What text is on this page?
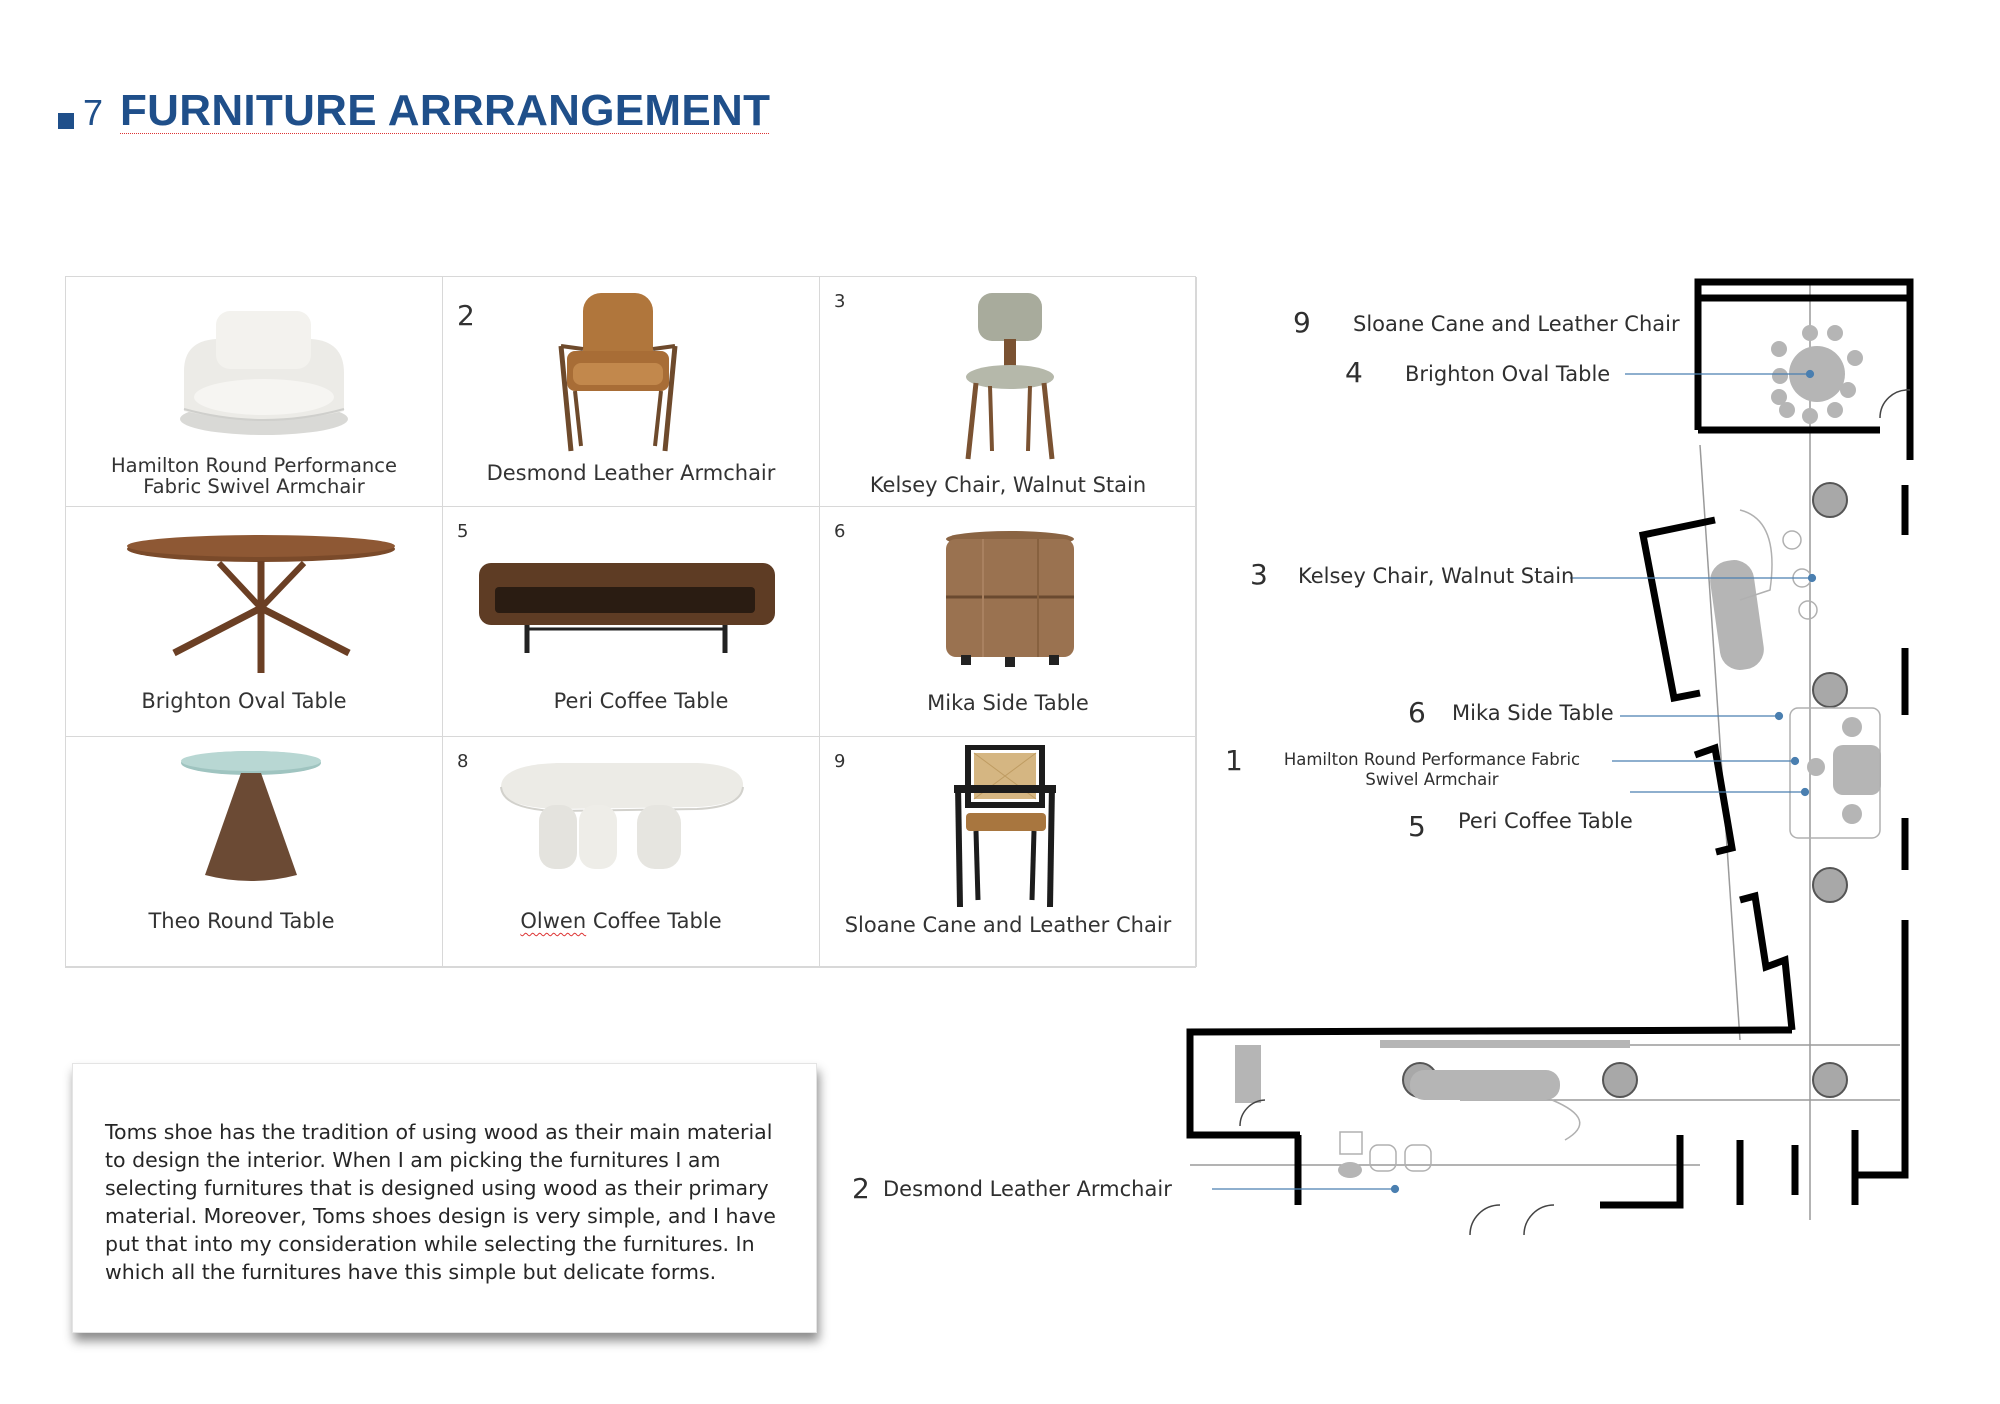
7 FURNITURE ARRRANGEMENT
Hamilton Round Performance Fabric Swivel Armchair
2
Desmond Leather Armchair
3
Kelsey Chair, Walnut Stain
Brighton Oval Table
5
Peri Coffee Table
6
Mika Side Table
Theo Round Table
8
Olwen Coffee Table
9
Sloane Cane and Leather Chair
Toms shoe has the tradition of using wood as their main material to design the interior. When I am picking the furnitures I am selecting furnitures that is designed using wood as their primary material. Moreover, Toms shoes design is very simple, and I have put that into my consideration while selecting the furnitures. In which all the furnitures have this simple but delicate forms.
9 Sloane Cane and Leather Chair
4 Brighton Oval Table
3 Kelsey Chair, Walnut Stain
6 Mika Side Table
1	Hamilton Round Performance Fabric Swivel Armchair
5 Peri Coffee Table
2 Desmond Leather Armchair
